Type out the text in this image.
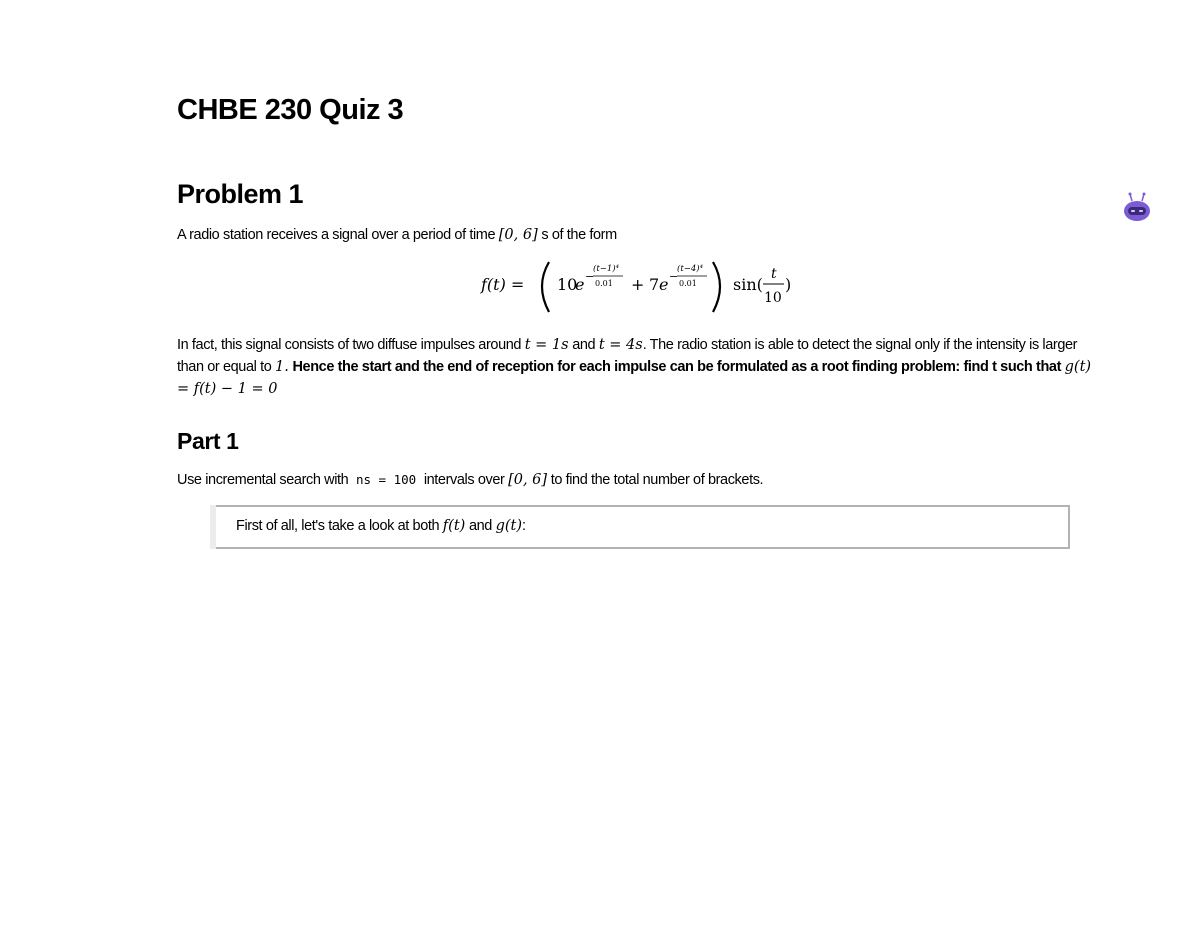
CHBE 230 Quiz 3
Problem 1

A radio station receives a signal over a period of time [0, 6] s of the form

f(t) = 10
e −
(t−1)⁴
0.01 + 7 e −
(t−4)⁴
0.01 sin(
t
10
)

In fact, this signal consists of two diffuse impulses around t = 1s and t = 4s. The radio station is able to detect the signal only if the intensity is larger than or equal to 1. Hence the start and the end of reception for each impulse can be formulated as a root finding problem: find t such that g(t) = f(t) − 1 = 0

Part 1

Use incremental search with ns = 100 intervals over [0, 6] to find the total number of brackets.

First of all, let's take a look at both f(t) and g(t):
